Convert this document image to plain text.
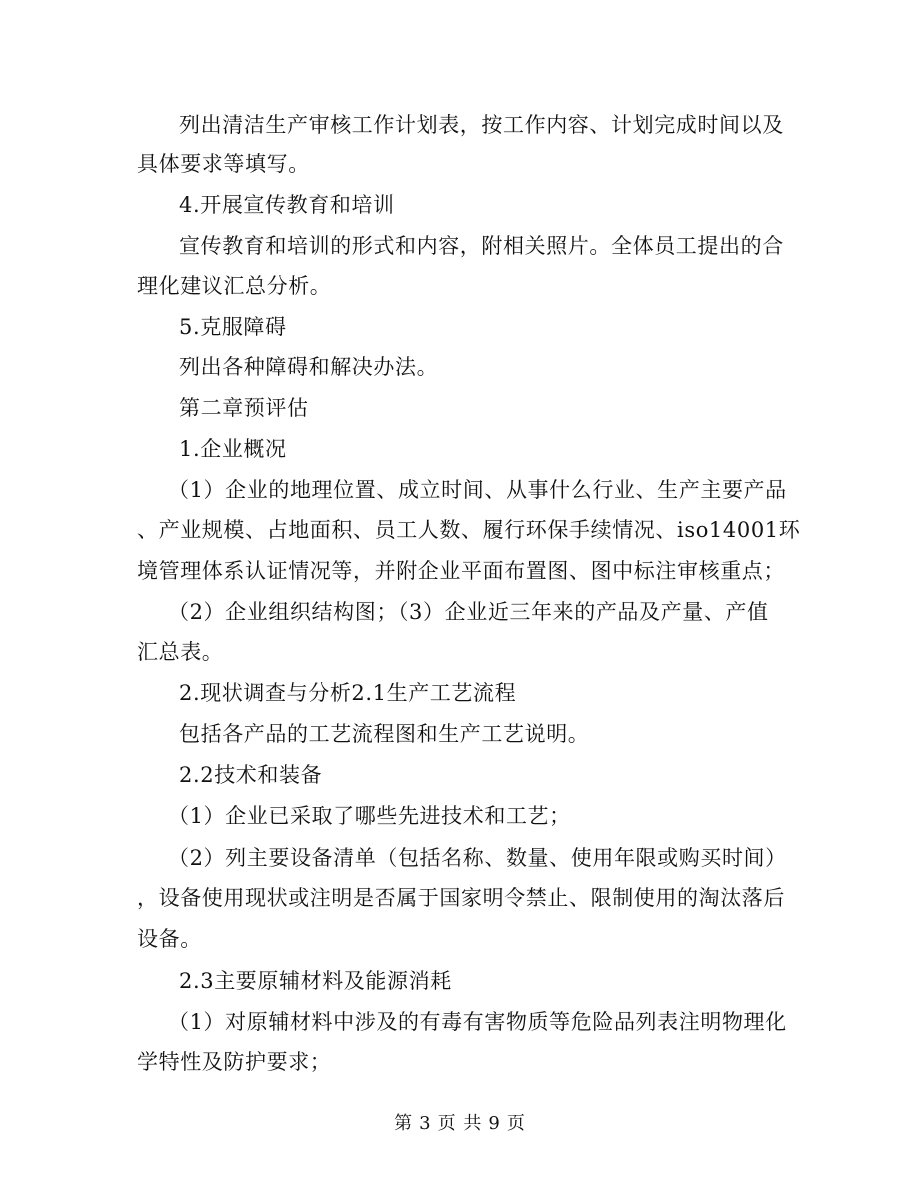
列出清洁生产审核工作计划表，按工作内容、计划完成时间以及
具体要求等填写。
4.开展宣传教育和培训
宣传教育和培训的形式和内容，附相关照片。全体员工提出的合
理化建议汇总分析。
5.克服障碍
列出各种障碍和解决办法。
第二章预评估
1.企业概况
（1）企业的地理位置、成立时间、从事什么行业、生产主要产品
、产业规模、占地面积、员工人数、履行环保手续情况、iso14001环
境管理体系认证情况等，并附企业平面布置图、图中标注审核重点；
（2）企业组织结构图；（3）企业近三年来的产品及产量、产值
汇总表。
2.现状调查与分析2.1生产工艺流程
包括各产品的工艺流程图和生产工艺说明。
2.2技术和装备
（1）企业已采取了哪些先进技术和工艺；
（2）列主要设备清单（包括名称、数量、使用年限或购买时间）
，设备使用现状或注明是否属于国家明令禁止、限制使用的淘汰落后
设备。
2.3主要原辅材料及能源消耗
（1）对原辅材料中涉及的有毒有害物质等危险品列表注明物理化
学特性及防护要求；
第 3 页 共 9 页
